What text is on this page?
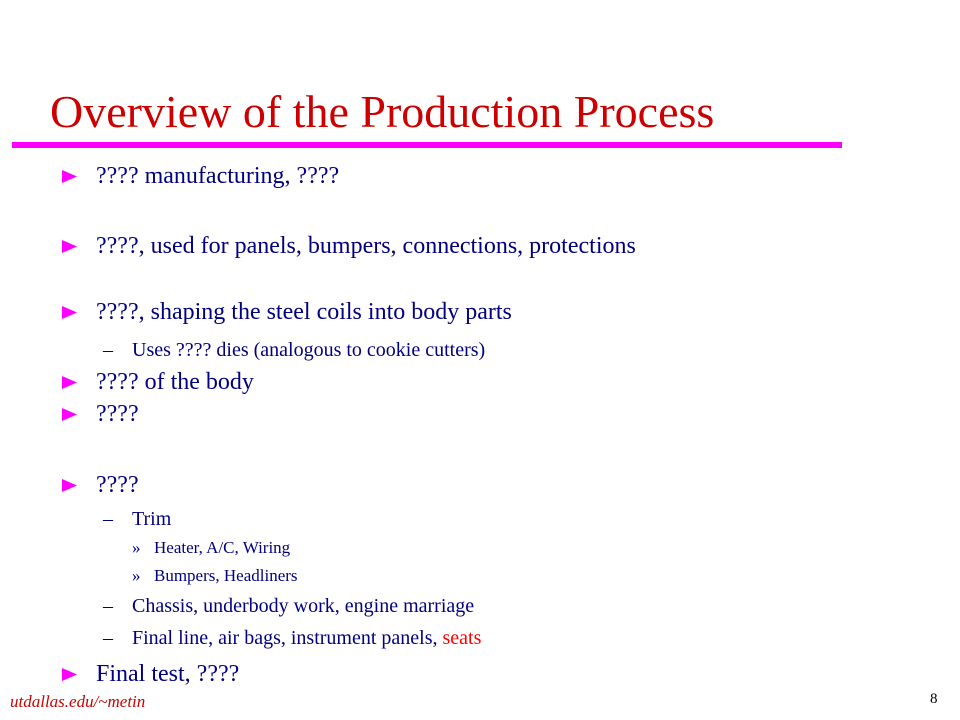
Overview of the Production Process
???? manufacturing, ????
????, used for panels, bumpers, connections, protections
????, shaping the steel coils into body parts
– Uses ???? dies (analogous to cookie cutters)
???? of the body
????
????
– Trim
» Heater, A/C, Wiring
» Bumpers, Headliners
– Chassis, underbody work, engine marriage
– Final line, air bags, instrument panels, seats
Final test, ????
utdallas.edu/~metin	8
